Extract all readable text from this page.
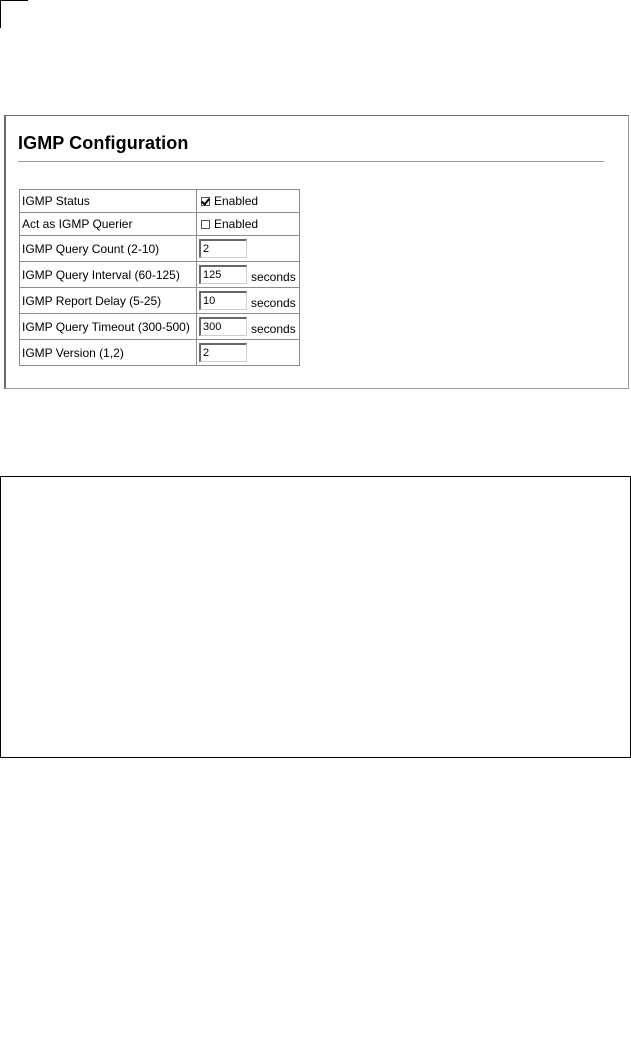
IGMP Configuration
IGMP Status	Enabled
Act as IGMP Querier	Enabled
IGMP Query Count (2-10)	2
IGMP Query Interval (60-125)	125 seconds
IGMP Report Delay (5-25)	10 seconds
IGMP Query Timeout (300-500)	300 seconds
IGMP Version (1,2)	2
